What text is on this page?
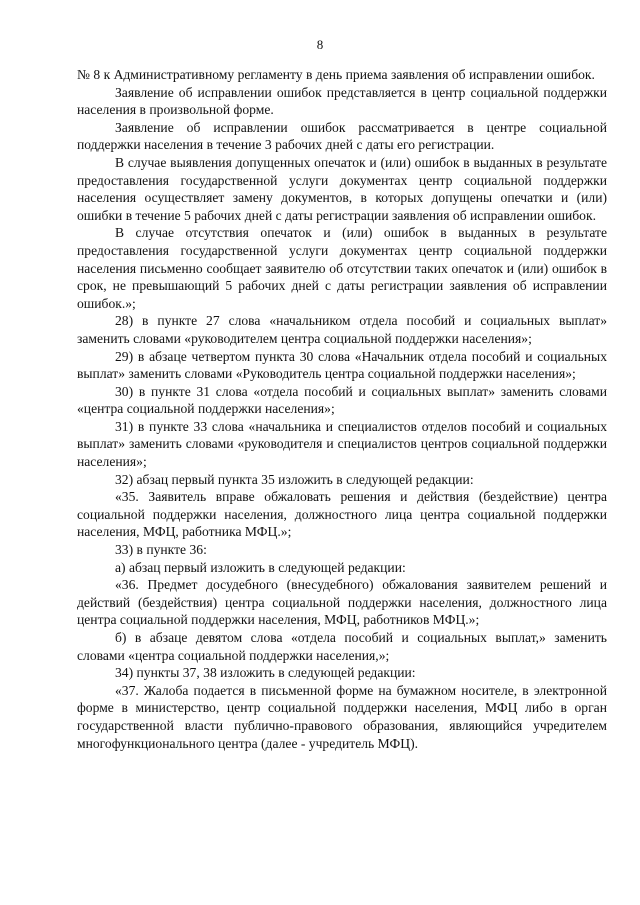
8

№ 8 к Административному регламенту в день приема заявления об исправлении ошибок.

Заявление об исправлении ошибок представляется в центр социальной поддержки населения в произвольной форме.

Заявление об исправлении ошибок рассматривается в центре социальной поддержки населения в течение 3 рабочих дней с даты его регистрации.

В случае выявления допущенных опечаток и (или) ошибок в выданных в результате предоставления государственной услуги документах центр социальной поддержки населения осуществляет замену документов, в которых допущены опечатки и (или) ошибки в течение 5 рабочих дней с даты регистрации заявления об исправлении ошибок.

В случае отсутствия опечаток и (или) ошибок в выданных в результате предоставления государственной услуги документах центр социальной поддержки населения письменно сообщает заявителю об отсутствии таких опечаток и (или) ошибок в срок, не превышающий 5 рабочих дней с даты регистрации заявления об исправлении ошибок.»;

28) в пункте 27 слова «начальником отдела пособий и социальных выплат» заменить словами «руководителем центра социальной поддержки населения»;

29) в абзаце четвертом пункта 30 слова «Начальник отдела пособий и социальных выплат» заменить словами «Руководитель центра социальной поддержки населения»;

30) в пункте 31 слова «отдела пособий и социальных выплат» заменить словами «центра социальной поддержки населения»;

31) в пункте 33 слова «начальника и специалистов отделов пособий и социальных выплат» заменить словами «руководителя и специалистов центров социальной поддержки населения»;

32) абзац первый пункта 35 изложить в следующей редакции:

«35. Заявитель вправе обжаловать решения и действия (бездействие) центра социальной поддержки населения, должностного лица центра социальной поддержки населения, МФЦ, работника МФЦ.»;

33) в пункте 36:

а) абзац первый изложить в следующей редакции:

«36. Предмет досудебного (внесудебного) обжалования заявителем решений и действий (бездействия) центра социальной поддержки населения, должностного лица центра социальной поддержки населения, МФЦ, работников МФЦ.»;

б) в абзаце девятом слова «отдела пособий и социальных выплат,» заменить словами «центра социальной поддержки населения,»;

34) пункты 37, 38 изложить в следующей редакции:

«37. Жалоба подается в письменной форме на бумажном носителе, в электронной форме в министерство, центр социальной поддержки населения, МФЦ либо в орган государственной власти публично-правового образования, являющийся учредителем многофункционального центра (далее - учредитель МФЦ).
